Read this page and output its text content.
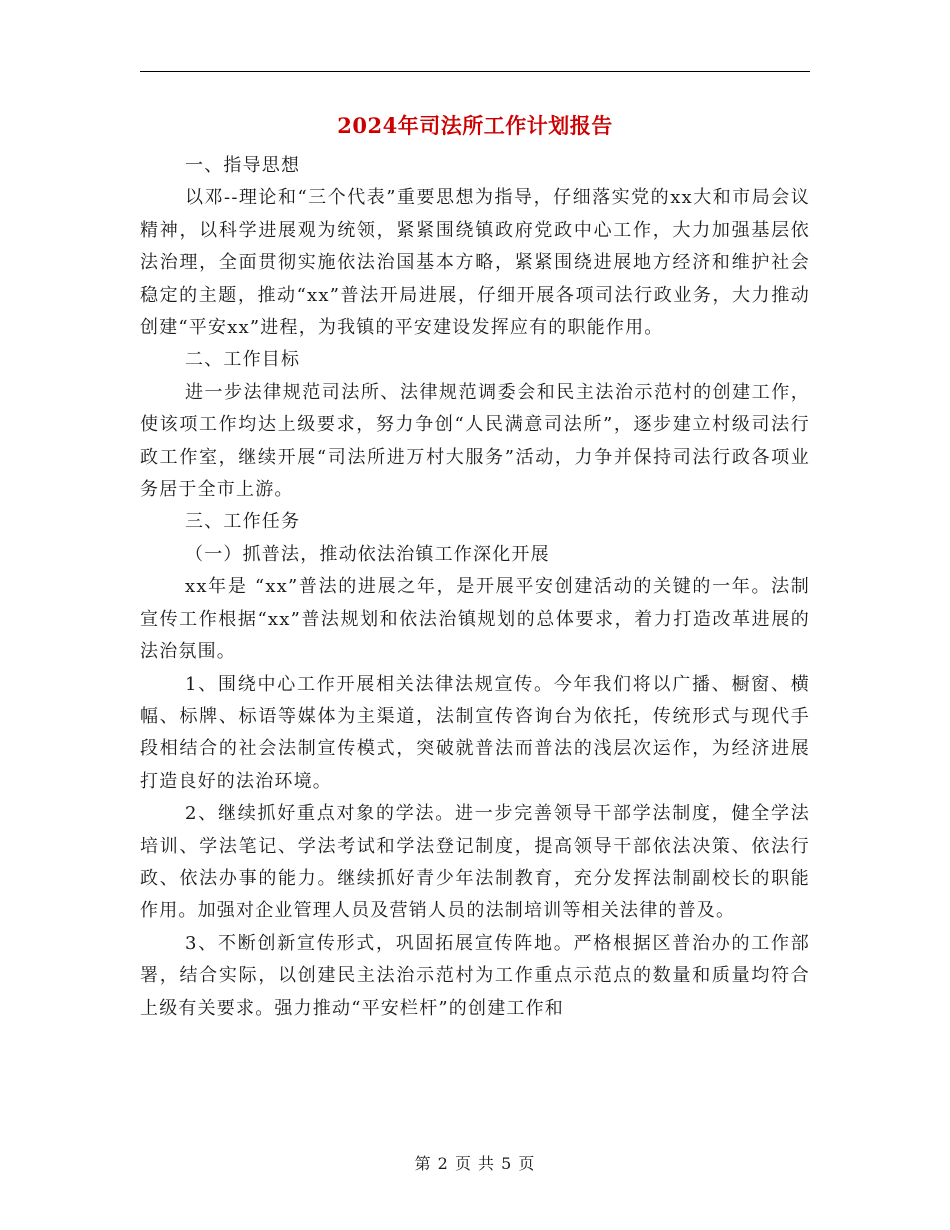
2024年司法所工作计划报告

一、指导思想

以邓--理论和“三个代表”重要思想为指导，仔细落实党的xx大和市局会议精神，以科学进展观为统领，紧紧围绕镇政府党政中心工作，大力加强基层依法治理，全面贯彻实施依法治国基本方略，紧紧围绕进展地方经济和维护社会稳定的主题，推动“xx”普法开局进展，仔细开展各项司法行政业务，大力推动创建“平安xx”进程，为我镇的平安建设发挥应有的职能作用。

二、工作目标

进一步法律规范司法所、法律规范调委会和民主法治示范村的创建工作，使该项工作均达上级要求，努力争创“人民满意司法所”，逐步建立村级司法行政工作室，继续开展“司法所进万村大服务”活动，力争并保持司法行政各项业务居于全市上游。

三、工作任务

（一）抓普法，推动依法治镇工作深化开展

xx年是 “xx”普法的进展之年，是开展平安创建活动的关键的一年。法制宣传工作根据“xx”普法规划和依法治镇规划的总体要求，着力打造改革进展的法治氛围。

1、围绕中心工作开展相关法律法规宣传。今年我们将以广播、橱窗、横幅、标牌、标语等媒体为主渠道，法制宣传咨询台为依托，传统形式与现代手段相结合的社会法制宣传模式，突破就普法而普法的浅层次运作，为经济进展打造良好的法治环境。

2、继续抓好重点对象的学法。进一步完善领导干部学法制度，健全学法培训、学法笔记、学法考试和学法登记制度，提高领导干部依法决策、依法行政、依法办事的能力。继续抓好青少年法制教育，充分发挥法制副校长的职能作用。加强对企业管理人员及营销人员的法制培训等相关法律的普及。

3、不断创新宣传形式，巩固拓展宣传阵地。严格根据区普治办的工作部署，结合实际，以创建民主法治示范村为工作重点示范点的数量和质量均符合上级有关要求。强力推动“平安栏杆”的创建工作和

第 2 页 共 5 页
